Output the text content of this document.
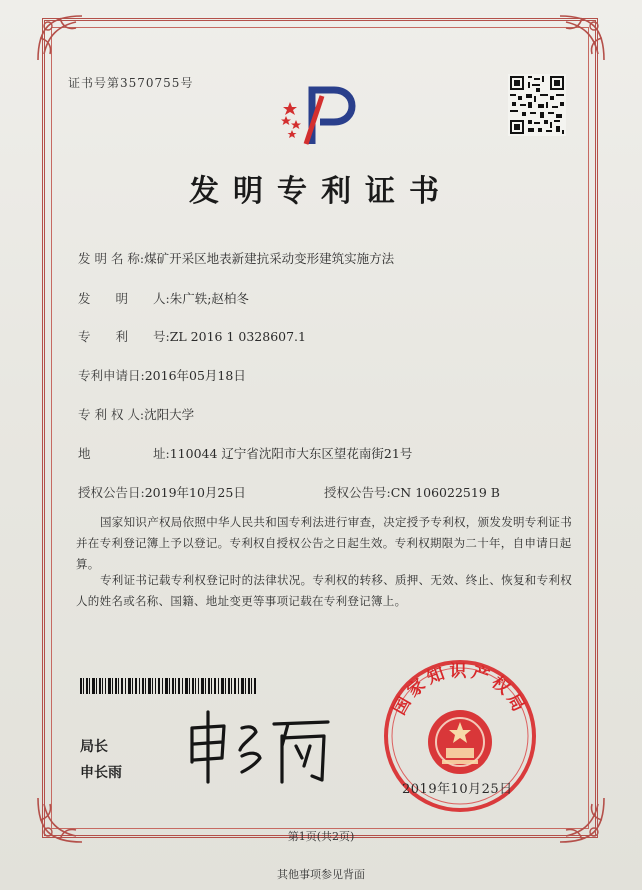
证书号第3570755号
发明专利证书
发 明 名 称:煤矿开采区地表新建抗采动变形建筑实施方法
发　　明　　人:朱广轶;赵柏冬
专　　利　　号:ZL 2016 1 0328607.1
专利申请日:2016年05月18日
专 利 权 人:沈阳大学
地　　　　　址:110044 辽宁省沈阳市大东区望花南街21号
授权公告日:2019年10月25日	授权公告号:CN 106022519 B
国家知识产权局依照中华人民共和国专利法进行审查，决定授予专利权，颁发发明专利证书并在专利登记簿上予以登记。专利权自授权公告之日起生效。专利权期限为二十年，自申请日起算。
专利证书记载专利权登记时的法律状况。专利权的转移、质押、无效、终止、恢复和专利权人的姓名或名称、国籍、地址变更等事项记载在专利登记簿上。
局长
申长雨
国家知识产权局
2019年10月25日
第1页(共2页)
其他事项参见背面
